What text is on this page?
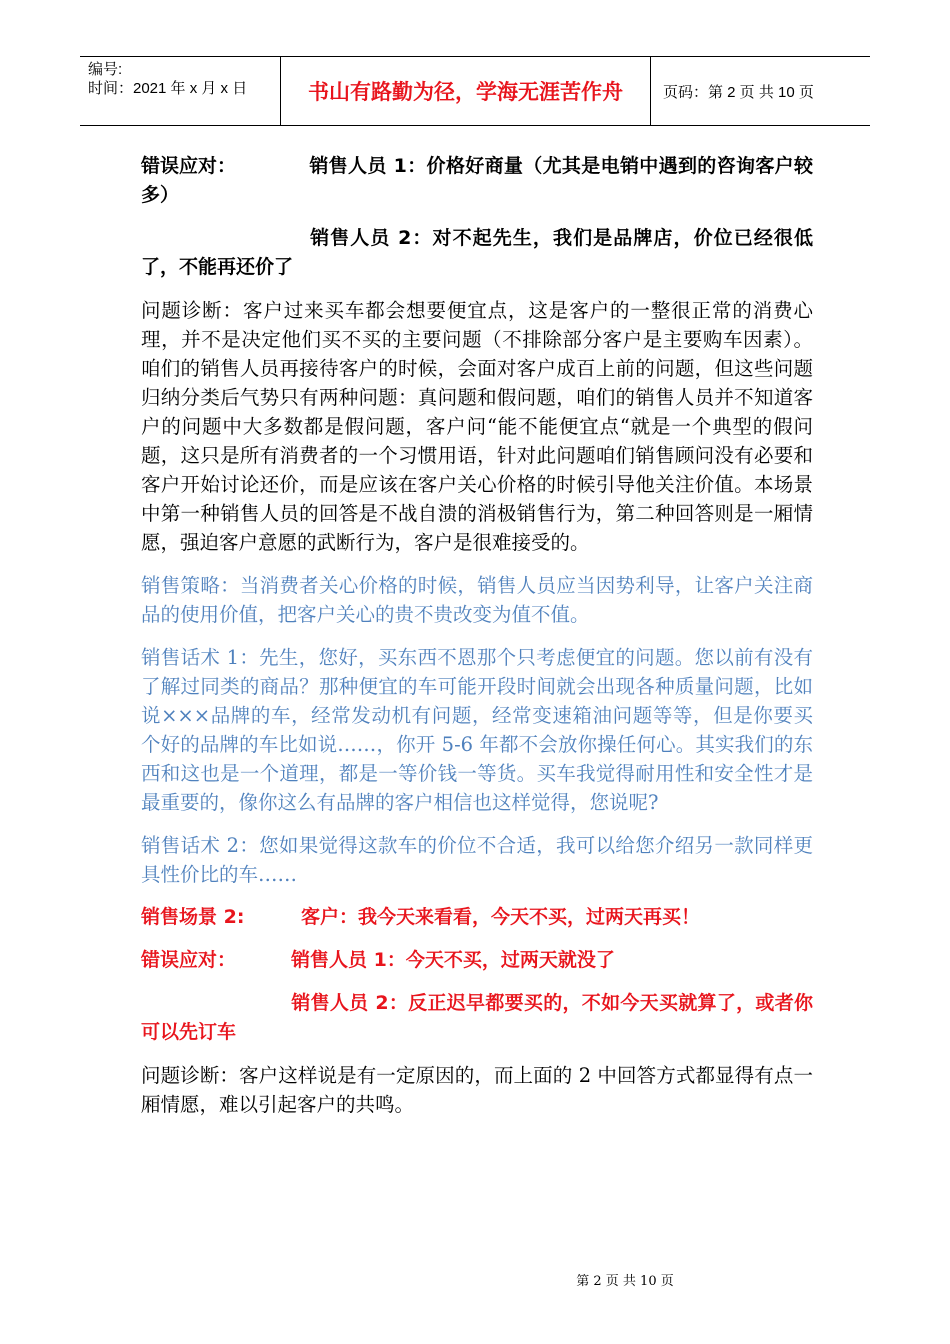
编号:
时间：2021 年 x 月 x 日	书山有路勤为径，学海无涯苦作舟	页码：第 2 页 共 10 页

错误应对：	销售人员 1：价格好商量（尤其是电销中遇到的咨询客户较多）

销售人员 2：对不起先生，我们是品牌店，价位已经很低了，不能再还价了

问题诊断：客户过来买车都会想要便宜点，这是客户的一整很正常的消费心理，并不是决定他们买不买的主要问题（不排除部分客户是主要购车因素）。咱们的销售人员再接待客户的时候，会面对客户成百上前的问题，但这些问题归纳分类后气势只有两种问题：真问题和假问题，咱们的销售人员并不知道客户的问题中大多数都是假问题，客户问“能不能便宜点“就是一个典型的假问题，这只是所有消费者的一个习惯用语，针对此问题咱们销售顾问没有必要和客户开始讨论还价，而是应该在客户关心价格的时候引导他关注价值。本场景中第一种销售人员的回答是不战自溃的消极销售行为，第二种回答则是一厢情愿，强迫客户意愿的武断行为，客户是很难接受的。

销售策略：当消费者关心价格的时候，销售人员应当因势利导，让客户关注商品的使用价值，把客户关心的贵不贵改变为值不值。

销售话术 1：先生，您好，买东西不恩那个只考虑便宜的问题。您以前有没有了解过同类的商品？那种便宜的车可能开段时间就会出现各种质量问题，比如说×××品牌的车，经常发动机有问题，经常变速箱油问题等等，但是你要买个好的品牌的车比如说……，你开 5-6 年都不会放你操任何心。其实我们的东西和这也是一个道理，都是一等价钱一等货。买车我觉得耐用性和安全性才是最重要的，像你这么有品牌的客户相信也这样觉得，您说呢?

销售话术 2：您如果觉得这款车的价位不合适，我可以给您介绍另一款同样更具性价比的车……

销售场景 2:	客户：我今天来看看，今天不买，过两天再买！

错误应对：	销售人员 1：今天不买，过两天就没了

销售人员 2：反正迟早都要买的，不如今天买就算了，或者你可以先订车

问题诊断：客户这样说是有一定原因的，而上面的 2 中回答方式都显得有点一厢情愿，难以引起客户的共鸣。

第 2 页 共 10 页
